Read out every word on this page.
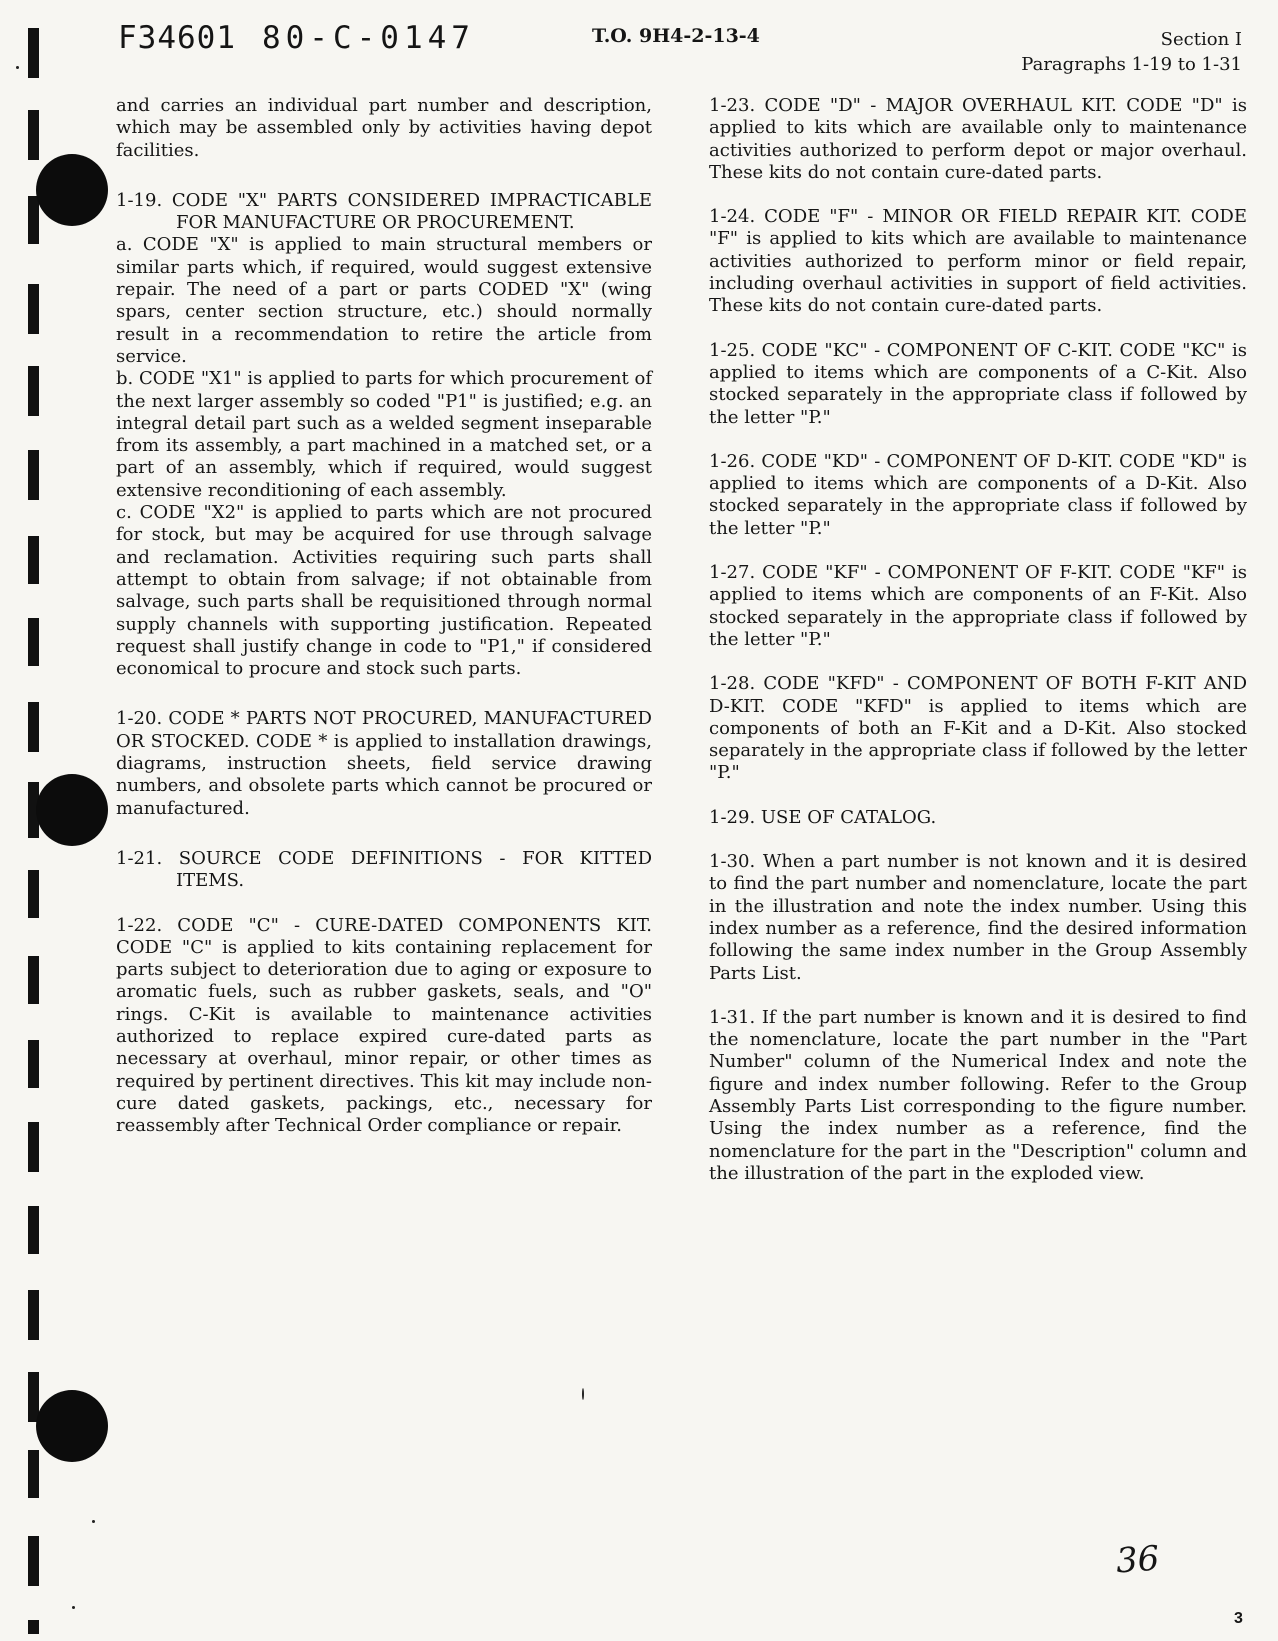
F34601 80-C-0147	T.O. 9H4-2-13-4	Section I
Paragraphs 1-19 to 1-31

and carries an individual part number and description, which may be assembled only by activities having depot facilities.

1-19. CODE "X" PARTS CONSIDERED IMPRACTICABLE FOR MANUFACTURE OR PROCUREMENT.

a. CODE "X" is applied to main structural members or similar parts which, if required, would suggest extensive repair. The need of a part or parts CODED "X" (wing spars, center section structure, etc.) should normally result in a recommendation to retire the article from service.

b. CODE "X1" is applied to parts for which procurement of the next larger assembly so coded "P1" is justified; e.g. an integral detail part such as a welded segment inseparable from its assembly, a part machined in a matched set, or a part of an assembly, which if required, would suggest extensive reconditioning of each assembly.

c. CODE "X2" is applied to parts which are not procured for stock, but may be acquired for use through salvage and reclamation. Activities requiring such parts shall attempt to obtain from salvage; if not obtainable from salvage, such parts shall be requisitioned through normal supply channels with supporting justification. Repeated request shall justify change in code to "P1," if considered economical to procure and stock such parts.

1-20. CODE * PARTS NOT PROCURED, MANUFACTURED OR STOCKED. CODE * is applied to installation drawings, diagrams, instruction sheets, field service drawing numbers, and obsolete parts which cannot be procured or manufactured.

1-21. SOURCE CODE DEFINITIONS - FOR KITTED ITEMS.

1-22. CODE "C" - CURE-DATED COMPONENTS KIT. CODE "C" is applied to kits containing replacement for parts subject to deterioration due to aging or exposure to aromatic fuels, such as rubber gaskets, seals, and "O" rings. C-Kit is available to maintenance activities authorized to replace expired cure-dated parts as necessary at overhaul, minor repair, or other times as required by pertinent directives. This kit may include non-cure dated gaskets, packings, etc., necessary for reassembly after Technical Order compliance or repair.

1-23. CODE "D" - MAJOR OVERHAUL KIT. CODE "D" is applied to kits which are available only to maintenance activities authorized to perform depot or major overhaul. These kits do not contain cure-dated parts.

1-24. CODE "F" - MINOR OR FIELD REPAIR KIT. CODE "F" is applied to kits which are available to maintenance activities authorized to perform minor or field repair, including overhaul activities in support of field activities. These kits do not contain cure-dated parts.

1-25. CODE "KC" - COMPONENT OF C-KIT. CODE "KC" is applied to items which are components of a C-Kit. Also stocked separately in the appropriate class if followed by the letter "P."

1-26. CODE "KD" - COMPONENT OF D-KIT. CODE "KD" is applied to items which are components of a D-Kit. Also stocked separately in the appropriate class if followed by the letter "P."

1-27. CODE "KF" - COMPONENT OF F-KIT. CODE "KF" is applied to items which are components of an F-Kit. Also stocked separately in the appropriate class if followed by the letter "P."

1-28. CODE "KFD" - COMPONENT OF BOTH F-KIT AND D-KIT. CODE "KFD" is applied to items which are components of both an F-Kit and a D-Kit. Also stocked separately in the appropriate class if followed by the letter "P."

1-29. USE OF CATALOG.

1-30. When a part number is not known and it is desired to find the part number and nomenclature, locate the part in the illustration and note the index number. Using this index number as a reference, find the desired information following the same index number in the Group Assembly Parts List.

1-31. If the part number is known and it is desired to find the nomenclature, locate the part number in the "Part Number" column of the Numerical Index and note the figure and index number following. Refer to the Group Assembly Parts List corresponding to the figure number. Using the index number as a reference, find the nomenclature for the part in the "Description" column and the illustration of the part in the exploded view.

36
3
